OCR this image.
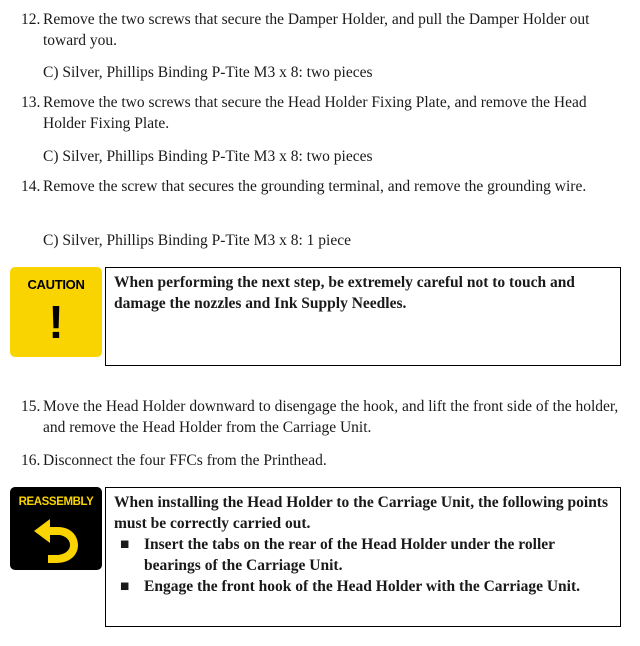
12. Remove the two screws that secure the Damper Holder, and pull the Damper Holder out toward you.
C) Silver, Phillips Binding P-Tite M3 x 8: two pieces
13. Remove the two screws that secure the Head Holder Fixing Plate, and remove the Head Holder Fixing Plate.
C) Silver, Phillips Binding P-Tite M3 x 8: two pieces
14. Remove the screw that secures the grounding terminal, and remove the grounding wire.
C) Silver, Phillips Binding P-Tite M3 x 8: 1 piece
CAUTION
!
When performing the next step, be extremely careful not to touch and damage the nozzles and Ink Supply Needles.
15. Move the Head Holder downward to disengage the hook, and lift the front side of the holder, and remove the Head Holder from the Carriage Unit.
16. Disconnect the four FFCs from the Printhead.
REASSEMBLY	When installing the Head Holder to the Carriage Unit, the following points must be correctly carried out.
■ Insert the tabs on the rear of the Head Holder under the roller bearings of the Carriage Unit.
■ Engage the front hook of the Head Holder with the Carriage Unit.
